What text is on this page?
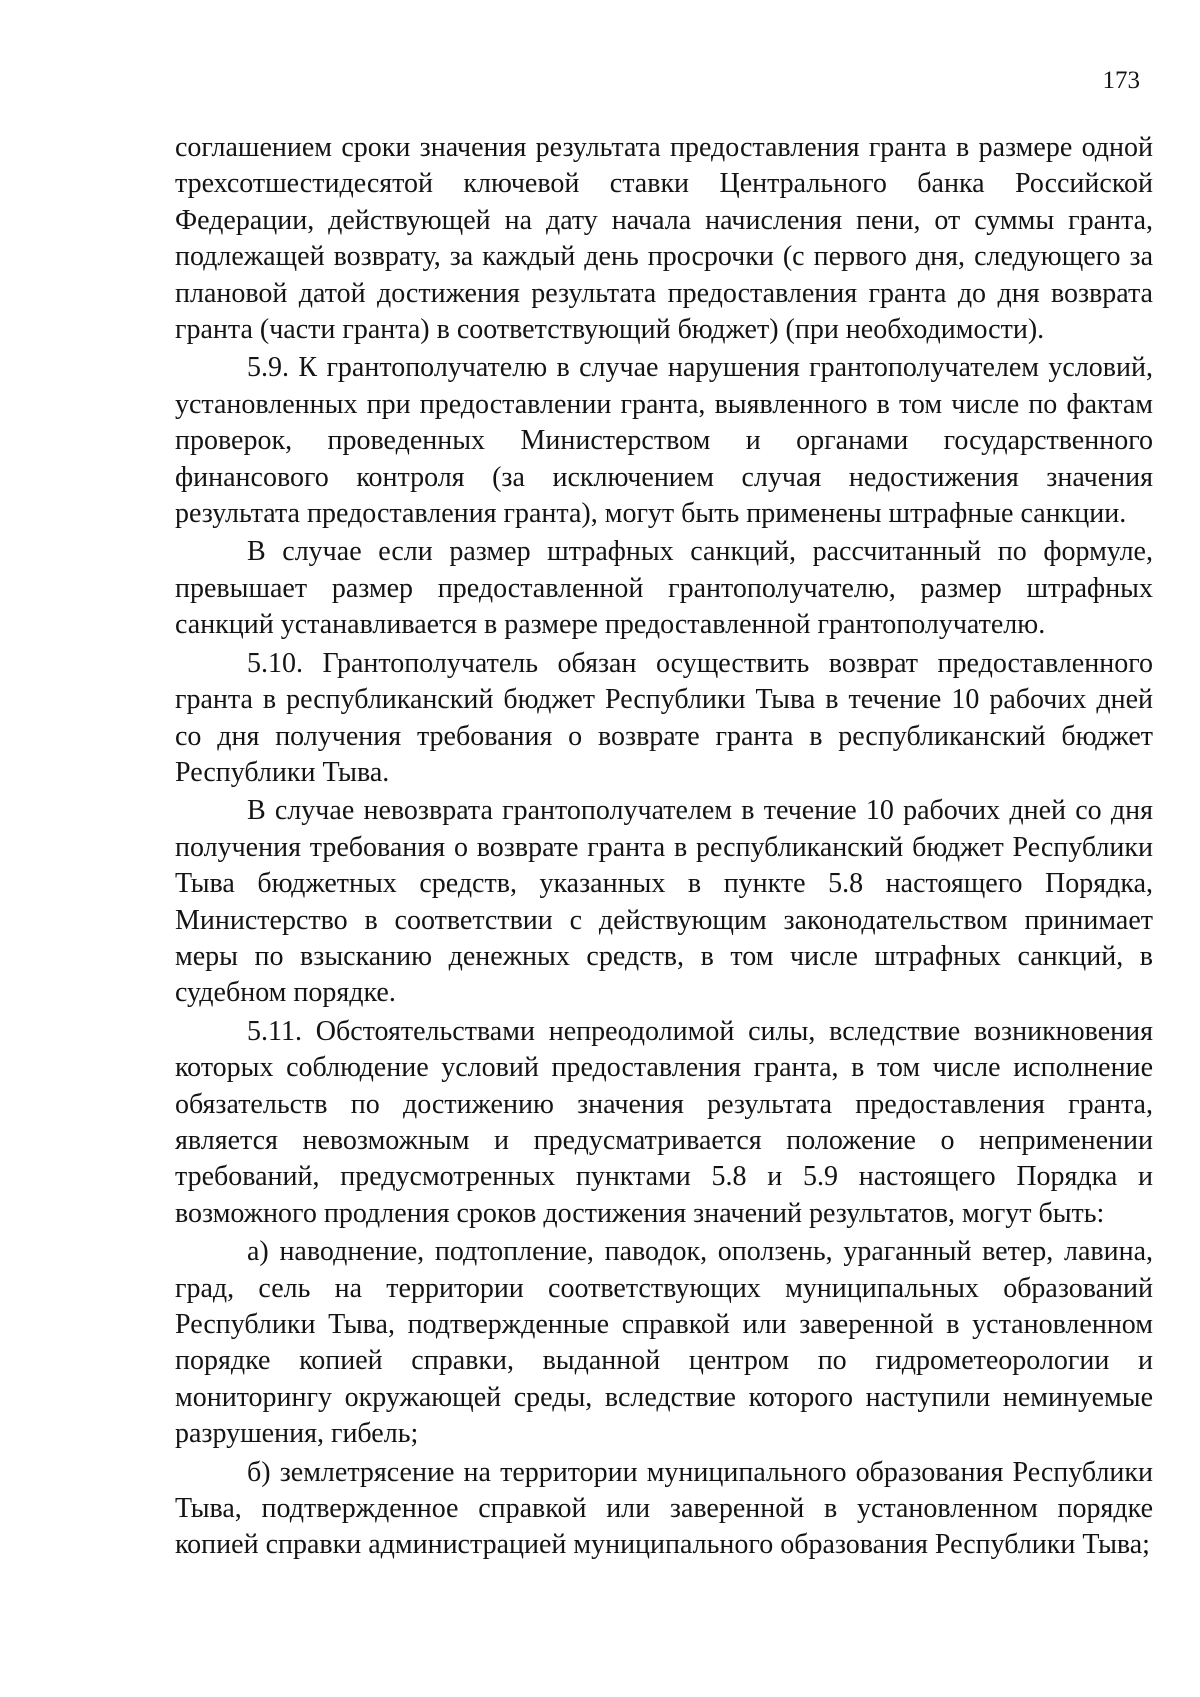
173

соглашением сроки значения результата предоставления гранта в размере одной трехсотшестидесятой ключевой ставки Центрального банка Российской Федерации, действующей на дату начала начисления пени, от суммы гранта, подлежащей возврату, за каждый день просрочки (с первого дня, следующего за плановой датой достижения результата предоставления гранта до дня возврата гранта (части гранта) в соответствующий бюджет) (при необходимости).

5.9. К грантополучателю в случае нарушения грантополучателем условий, установленных при предоставлении гранта, выявленного в том числе по фактам проверок, проведенных Министерством и органами государственного финансового контроля (за исключением случая недостижения значения результата предоставления гранта), могут быть применены штрафные санкции.

В случае если размер штрафных санкций, рассчитанный по формуле, превышает размер предоставленной грантополучателю, размер штрафных санкций устанавливается в размере предоставленной грантополучателю.

5.10. Грантополучатель обязан осуществить возврат предоставленного гранта в республиканский бюджет Республики Тыва в течение 10 рабочих дней со дня получения требования о возврате гранта в республиканский бюджет Республики Тыва.

В случае невозврата грантополучателем в течение 10 рабочих дней со дня получения требования о возврате гранта в республиканский бюджет Республики Тыва бюджетных средств, указанных в пункте 5.8 настоящего Порядка, Министерство в соответствии с действующим законодательством принимает меры по взысканию денежных средств, в том числе штрафных санкций, в судебном порядке.

5.11. Обстоятельствами непреодолимой силы, вследствие возникновения которых соблюдение условий предоставления гранта, в том числе исполнение обязательств по достижению значения результата предоставления гранта, является невозможным и предусматривается положение о неприменении требований, предусмотренных пунктами 5.8 и 5.9 настоящего Порядка и возможного продления сроков достижения значений результатов, могут быть:

а) наводнение, подтопление, паводок, оползень, ураганный ветер, лавина, град, сель на территории соответствующих муниципальных образований Республики Тыва, подтвержденные справкой или заверенной в установленном порядке копией справки, выданной центром по гидрометеорологии и мониторингу окружающей среды, вследствие которого наступили неминуемые разрушения, гибель;

б) землетрясение на территории муниципального образования Республики Тыва, подтвержденное справкой или заверенной в установленном порядке копией справки администрацией муниципального образования Республики Тыва;
